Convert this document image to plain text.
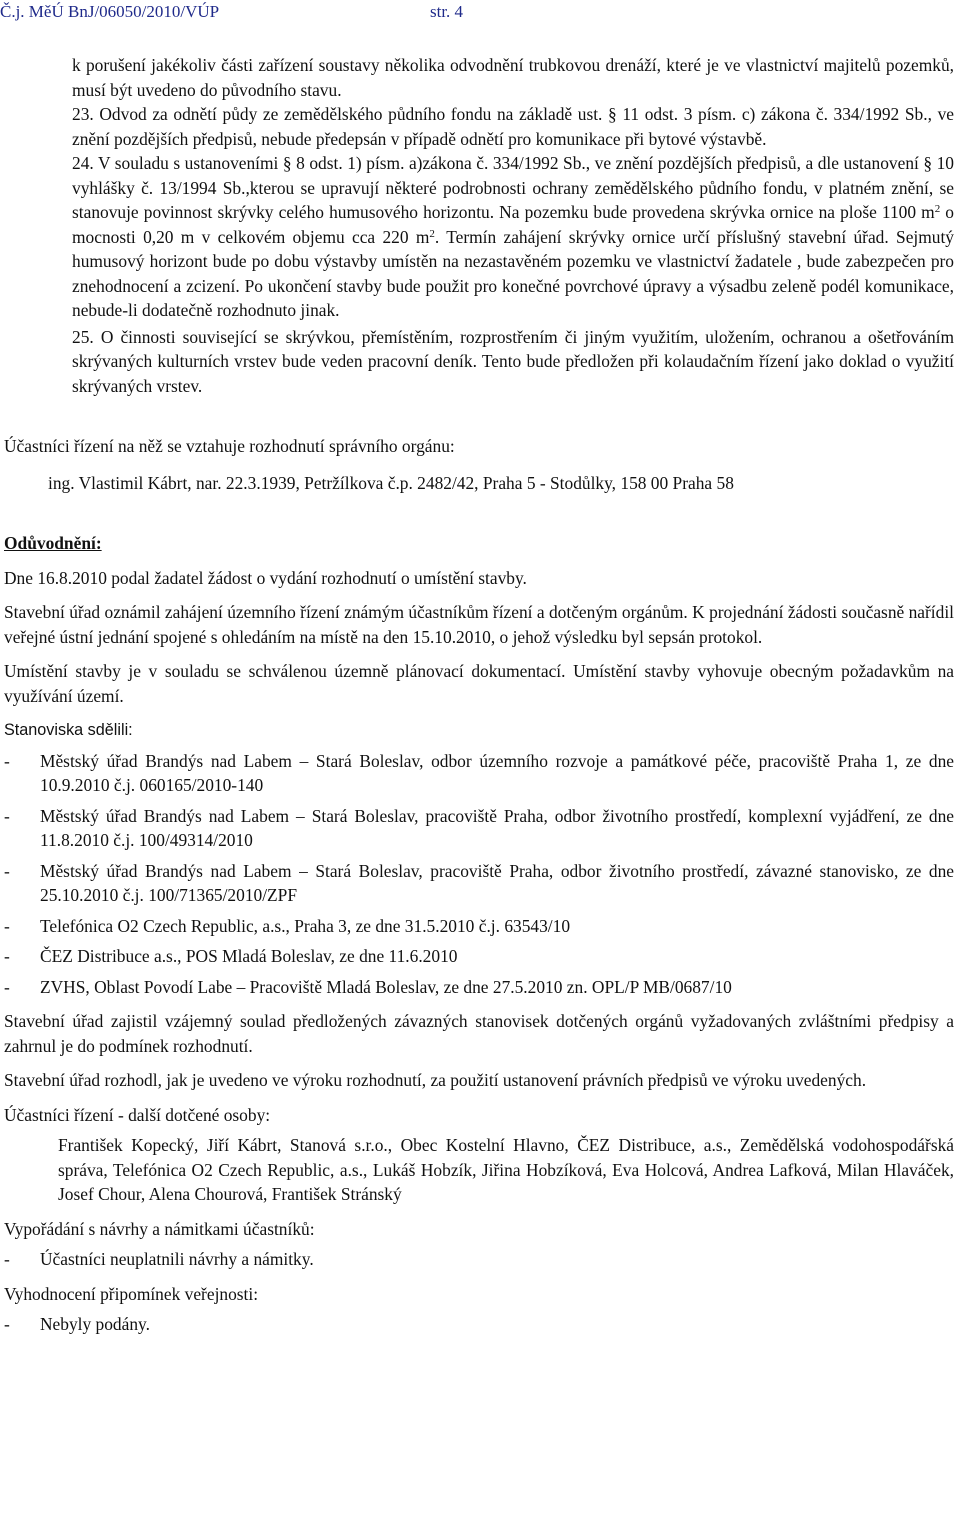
Č.j. MěÚ BnJ/06050/2010/VÚP	str. 4

k porušení jakékoliv části zařízení soustavy několika odvodnění trubkovou drenáží, které je ve vlastnictví majitelů pozemků, musí být uvedeno do původního stavu.

23. Odvod za odnětí půdy ze zemědělského půdního fondu na základě ust. § 11 odst. 3 písm. c) zákona č. 334/1992 Sb., ve znění pozdějších předpisů, nebude předepsán v případě odnětí pro komunikace při bytové výstavbě.

24. V souladu s ustanoveními § 8 odst. 1) písm. a)zákona č. 334/1992 Sb., ve znění pozdějších předpisů, a dle ustanovení § 10 vyhlášky č. 13/1994 Sb.,kterou se upravují některé podrobnosti ochrany zemědělského půdního fondu, v platném znění, se stanovuje povinnost skrývky celého humusového horizontu. Na pozemku bude provedena skrývka ornice na ploše 1100 $m^2$ o mocnosti 0,20 m v celkovém objemu cca 220 $m^2$. Termín zahájení skrývky ornice určí příslušný stavební úřad. Sejmutý humusový horizont bude po dobu výstavby umístěn na nezastavěném pozemku ve vlastnictví žadatele , bude zabezpečen pro znehodnocení a zcizení. Po ukončení stavby bude použit pro konečné povrchové úpravy a výsadbu zeleně podél komunikace, nebude-li dodatečně rozhodnuto jinak.

25. O činnosti související se skrývkou, přemístěním, rozprostřením či jiným využitím, uložením, ochranou a ošetřováním skrývaných kulturních vrstev bude veden pracovní deník. Tento bude předložen při kolaudačním řízení jako doklad o využití skrývaných vrstev.

Účastníci řízení na něž se vztahuje rozhodnutí správního orgánu:

ing. Vlastimil Kábrt, nar. 22.3.1939, Petržílkova č.p. 2482/42, Praha 5 - Stodůlky, 158 00 Praha 58

Odůvodnění:

Dne 16.8.2010 podal žadatel žádost o vydání rozhodnutí o umístění stavby.

Stavební úřad oznámil zahájení územního řízení známým účastníkům řízení a dotčeným orgánům. K projednání žádosti současně nařídil veřejné ústní jednání spojené s ohledáním na místě na den 15.10.2010, o jehož výsledku byl sepsán protokol.

Umístění stavby je v souladu se schválenou územně plánovací dokumentací. Umístění stavby vyhovuje obecným požadavkům na využívání území.

Stanoviska sdělili:

- Městský úřad Brandýs nad Labem – Stará Boleslav, odbor územního rozvoje a památkové péče, pracoviště Praha 1, ze dne 10.9.2010 č.j. 060165/2010-140
- Městský úřad Brandýs nad Labem – Stará Boleslav, pracoviště Praha, odbor životního prostředí, komplexní vyjádření, ze dne 11.8.2010 č.j. 100/49314/2010
- Městský úřad Brandýs nad Labem – Stará Boleslav, pracoviště Praha, odbor životního prostředí, závazné stanovisko, ze dne 25.10.2010 č.j. 100/71365/2010/ZPF
- Telefónica O2 Czech Republic, a.s., Praha 3, ze dne 31.5.2010 č.j. 63543/10
- ČEZ Distribuce a.s., POS Mladá Boleslav, ze dne 11.6.2010
- ZVHS, Oblast Povodí Labe – Pracoviště Mladá Boleslav, ze dne 27.5.2010 zn. OPL/P MB/0687/10

Stavební úřad zajistil vzájemný soulad předložených závazných stanovisek dotčených orgánů vyžadovaných zvláštními předpisy a zahrnul je do podmínek rozhodnutí.

Stavební úřad rozhodl, jak je uvedeno ve výroku rozhodnutí, za použití ustanovení právních předpisů ve výroku uvedených.

Účastníci řízení - další dotčené osoby:

František Kopecký, Jiří Kábrt, Stanová s.r.o., Obec Kostelní Hlavno, ČEZ Distribuce, a.s., Zemědělská vodohospodářská správa, Telefónica O2 Czech Republic, a.s., Lukáš Hobzík, Jiřina Hobzíková, Eva Holcová, Andrea Lafková, Milan Hlaváček, Josef Chour, Alena Chourová, František Stránský

Vypořádání s návrhy a námitkami účastníků:

- Účastníci neuplatnili návrhy a námitky.

Vyhodnocení připomínek veřejnosti:

- Nebyly podány.
